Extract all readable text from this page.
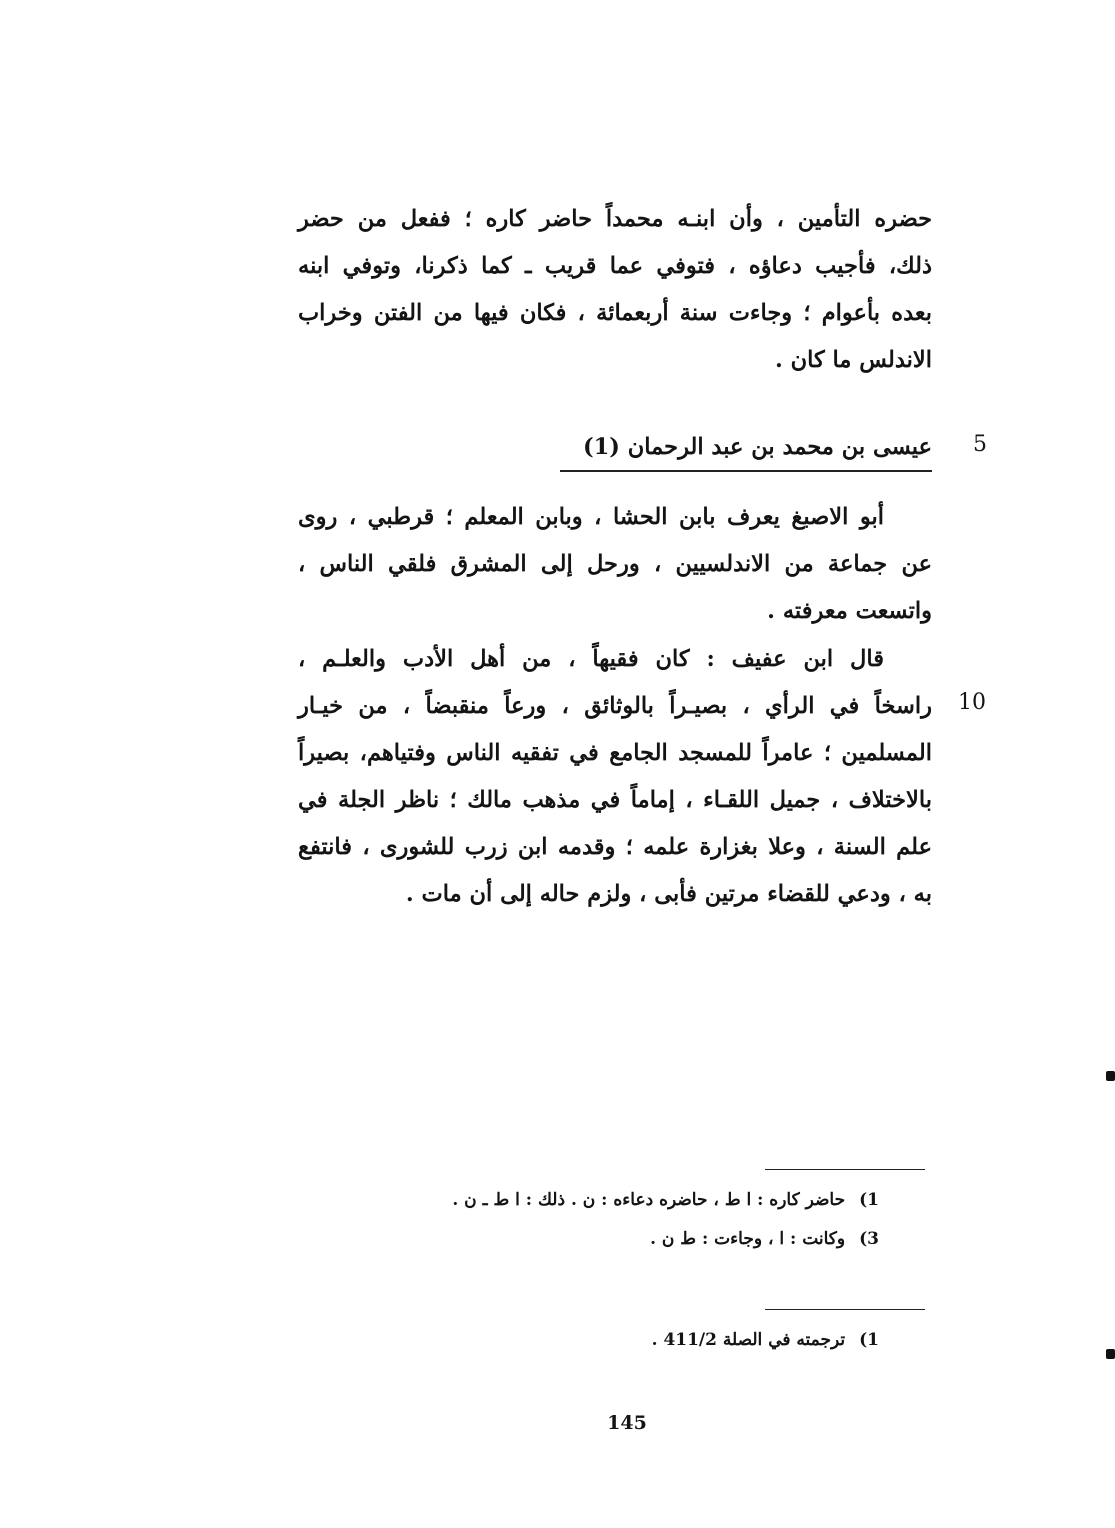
حضره التأمين ، وأن ابنـه محمداً حاضر كاره ؛ ففعل من حضر
ذلك، فأجيب دعاؤه ، فتوفي عما قريب ـ كما ذكرنا، وتوفي ابنه
بعده بأعوام ؛ وجاءت سنة أربعمائة ، فكان فيها من الفتن وخراب
الاندلس ما كان .
5
عيسى بن محمد بن عبد الرحمان (1)
أبو الاصبغ يعرف بابن الحشا ، وبابن المعلم ؛ قرطبي ، روى
عن جماعة من الاندلسيين ، ورحل إلى المشرق فلقي الناس ،
واتسعت معرفته .
قال ابن عفيف : كان فقيهاً ، من أهل الأدب والعلـم ،
راسخاً في الرأي ، بصيـراً بالوثائق ، ورعاً منقبضاً ، من خيـار
المسلمين ؛ عامراً للمسجد الجامع في تفقيه الناس وفتياهم، بصيراً
بالاختلاف ، جميل اللقـاء ، إماماً في مذهب مالك ؛ ناظر الجلة في
علم السنة ، وعلا بغزارة علمه ؛ وقدمه ابن زرب للشورى ، فانتفع
به ، ودعي للقضاء مرتين فأبى ، ولزم حاله إلى أن مات .
10
1)حاضر كاره : ا ط ، حاضره دعاءه : ن . ذلك : ا ط ـ ن .
3)وكانت : ا ، وجاءت : ط ن .
1)ترجمته في الصلة 411/2 .
145
